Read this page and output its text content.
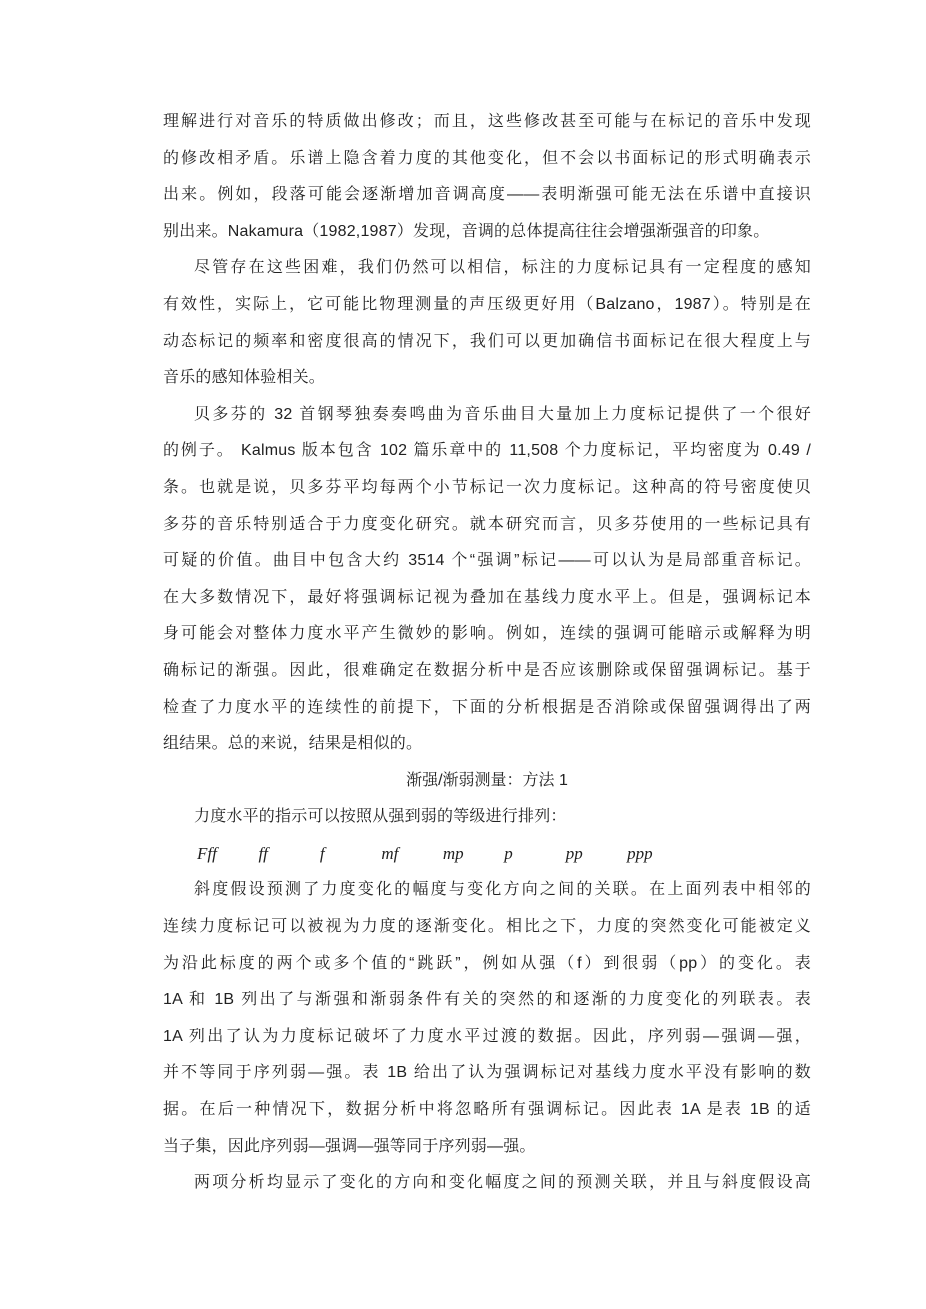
理解进行对音乐的特质做出修改；而且，这些修改甚至可能与在标记的音乐中发现
的修改相矛盾。乐谱上隐含着力度的其他变化，但不会以书面标记的形式明确表示
出来。例如，段落可能会逐渐增加音调高度——表明渐强可能无法在乐谱中直接识
别出来。Nakamura（1982,1987）发现，音调的总体提高往往会增强渐强音的印象。
尽管存在这些困难，我们仍然可以相信，标注的力度标记具有一定程度的感知
有效性，实际上，它可能比物理测量的声压级更好用（Balzano，1987）。特别是在
动态标记的频率和密度很高的情况下，我们可以更加确信书面标记在很大程度上与
音乐的感知体验相关。
贝多芬的 32 首钢琴独奏奏鸣曲为音乐曲目大量加上力度标记提供了一个很好
的例子。 Kalmus 版本包含 102 篇乐章中的 11,508 个力度标记，平均密度为 0.49 /
条。也就是说，贝多芬平均每两个小节标记一次力度标记。这种高的符号密度使贝
多芬的音乐特别适合于力度变化研究。就本研究而言，贝多芬使用的一些标记具有
可疑的价值。曲目中包含大约 3514 个“强调”标记——可以认为是局部重音标记。
在大多数情况下，最好将强调标记视为叠加在基线力度水平上。但是，强调标记本
身可能会对整体力度水平产生微妙的影响。例如，连续的强调可能暗示或解释为明
确标记的渐强。因此，很难确定在数据分析中是否应该删除或保留强调标记。基于
检查了力度水平的连续性的前提下，下面的分析根据是否消除或保留强调得出了两
组结果。总的来说，结果是相似的。
渐强/渐弱测量：方法 1
力度水平的指示可以按照从强到弱的等级进行排列：
Fff ff	f	mf	mp p	pp	ppp
斜度假设预测了力度变化的幅度与变化方向之间的关联。在上面列表中相邻的
连续力度标记可以被视为力度的逐渐变化。相比之下，力度的突然变化可能被定义
为沿此标度的两个或多个值的“跳跃”，例如从强（f）到很弱（pp）的变化。表
1A 和 1B 列出了与渐强和渐弱条件有关的突然的和逐渐的力度变化的列联表。表
1A 列出了认为力度标记破坏了力度水平过渡的数据。因此，序列弱—强调—强，
并不等同于序列弱—强。表 1B 给出了认为强调标记对基线力度水平没有影响的数
据。在后一种情况下，数据分析中将忽略所有强调标记。因此表 1A 是表 1B 的适
当子集，因此序列弱—强调—强等同于序列弱—强。
两项分析均显示了变化的方向和变化幅度之间的预测关联，并且与斜度假设高
